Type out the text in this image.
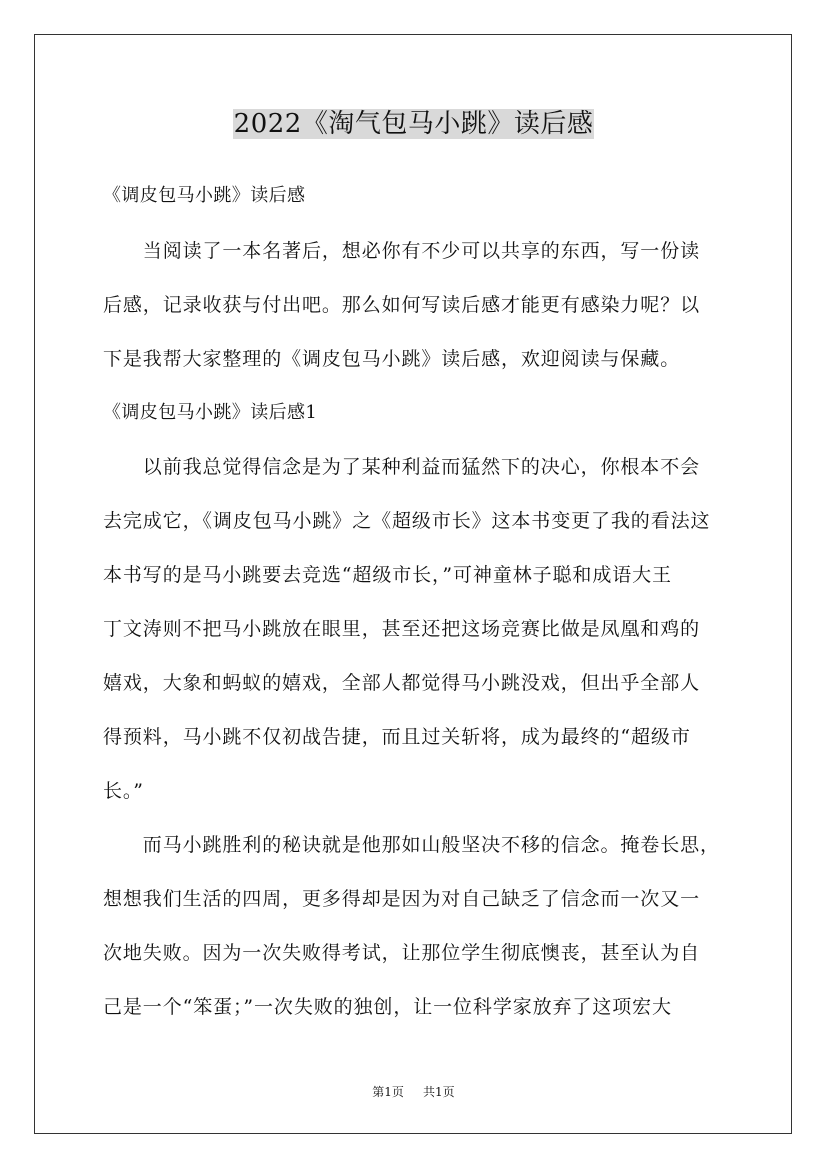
2022《淘气包马小跳》读后感
《调皮包马小跳》读后感
　　当阅读了一本名著后，想必你有不少可以共享的东西，写一份读
后感，记录收获与付出吧。那么如何写读后感才能更有感染力呢？以
下是我帮大家整理的《调皮包马小跳》读后感，欢迎阅读与保藏。
《调皮包马小跳》读后感1
　　以前我总觉得信念是为了某种利益而猛然下的决心，你根本不会
去完成它，《调皮包马小跳》之《超级市长》这本书变更了我的看法这
本书写的是马小跳要去竞选“超级市长，”可神童林子聪和成语大王
丁文涛则不把马小跳放在眼里，甚至还把这场竞赛比做是凤凰和鸡的
嬉戏，大象和蚂蚁的嬉戏，全部人都觉得马小跳没戏，但出乎全部人
得预料，马小跳不仅初战告捷，而且过关斩将，成为最终的“超级市
长。”
　　而马小跳胜利的秘诀就是他那如山般坚决不移的信念。掩卷长思，
想想我们生活的四周，更多得却是因为对自己缺乏了信念而一次又一
次地失败。因为一次失败得考试，让那位学生彻底懊丧，甚至认为自
己是一个“笨蛋；”一次失败的独创，让一位科学家放弃了这项宏大
第1页 共1页
